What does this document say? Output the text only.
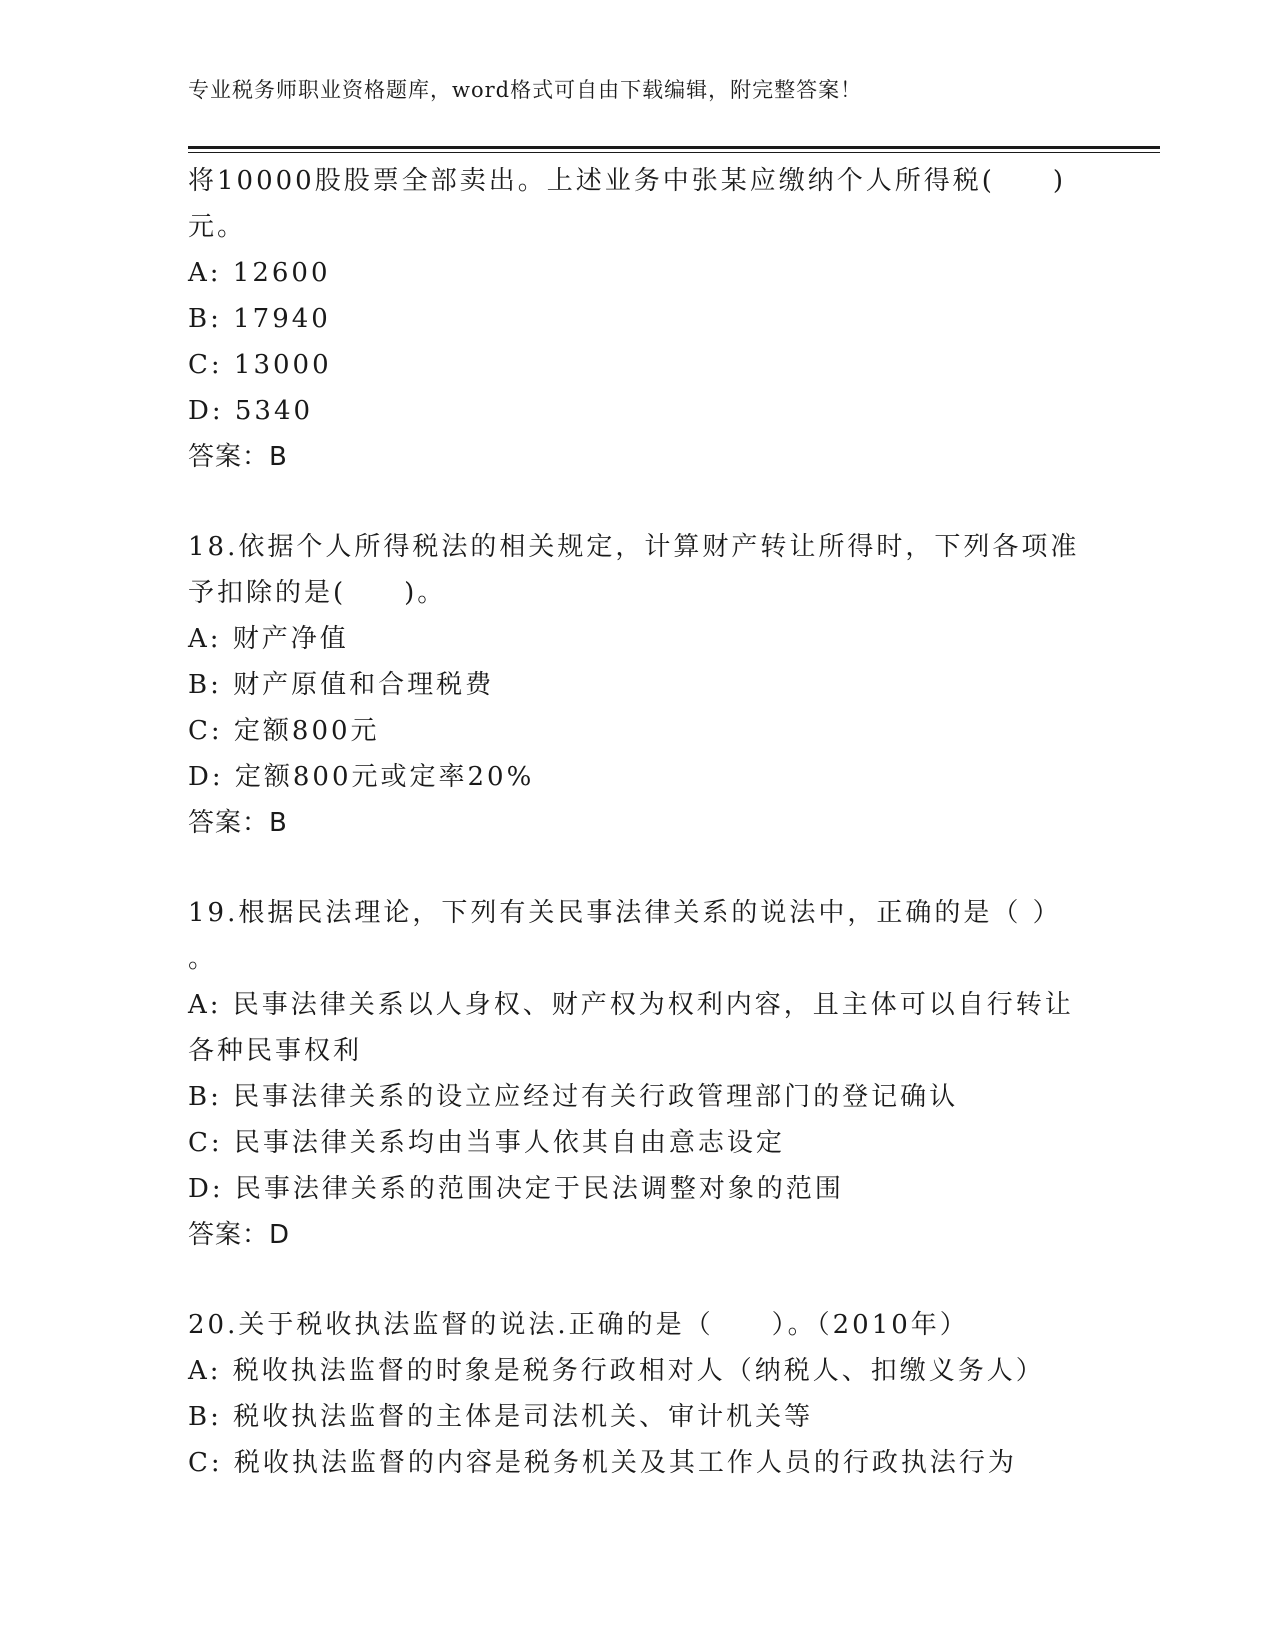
专业税务师职业资格题库，word格式可自由下载编辑，附完整答案！
将10000股股票全部卖出。上述业务中张某应缴纳个人所得税(　　)
元。
A: 12600
B: 17940
C: 13000
D: 5340
答案：B
18.依据个人所得税法的相关规定，计算财产转让所得时，下列各项准
予扣除的是(　　)。
A: 财产净值
B: 财产原值和合理税费
C: 定额800元
D: 定额800元或定率20%
答案：B
19.根据民法理论，下列有关民事法律关系的说法中，正确的是（ ）
。
A: 民事法律关系以人身权、财产权为权利内容，且主体可以自行转让
各种民事权利
B: 民事法律关系的设立应经过有关行政管理部门的登记确认
C: 民事法律关系均由当事人依其自由意志设定
D: 民事法律关系的范围决定于民法调整对象的范围
答案：D
20.关于税收执法监督的说法.正确的是（　　）。（2010年）
A: 税收执法监督的时象是税务行政相对人（纳税人、扣缴义务人）
B: 税收执法监督的主体是司法机关、审计机关等
C: 税收执法监督的内容是税务机关及其工作人员的行政执法行为
